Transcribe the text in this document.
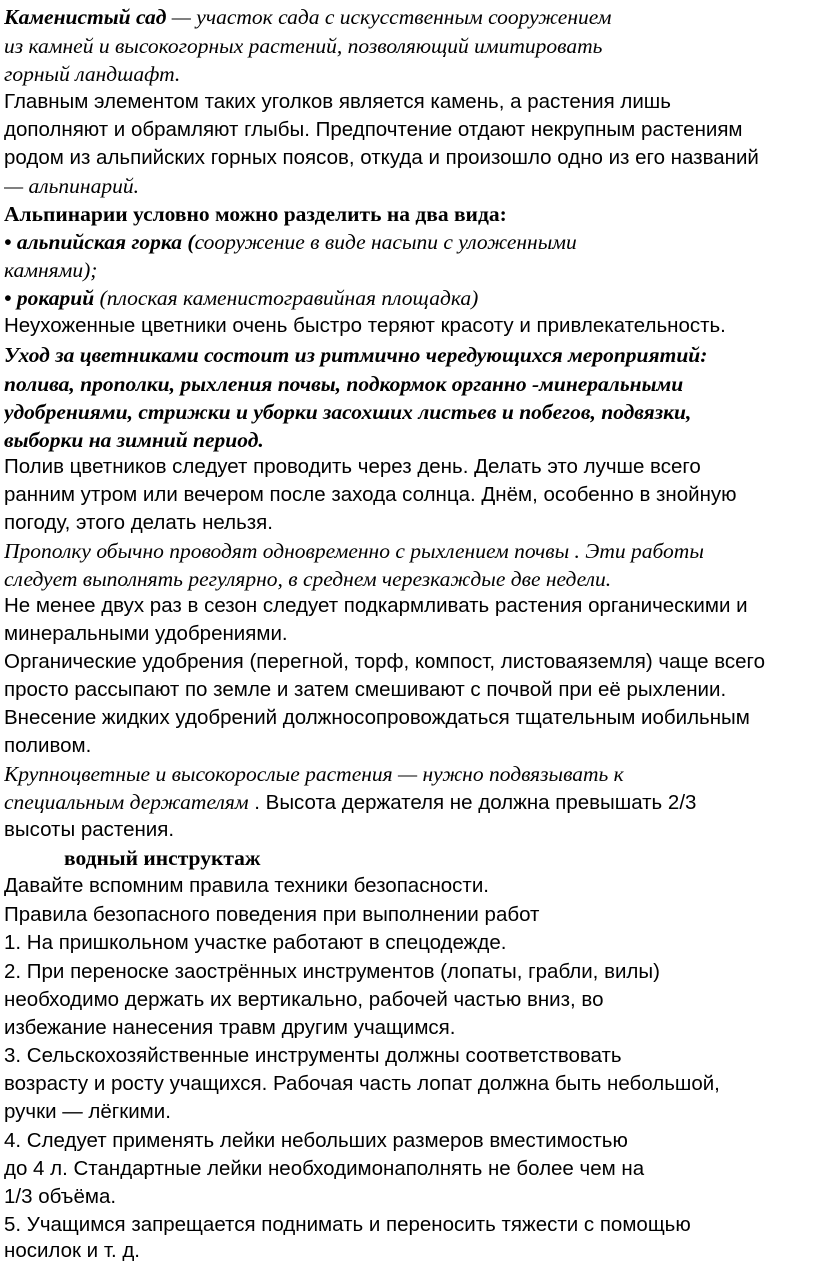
Каменистый сад — участок сада с искусственным сооружением
из камней и высокогорных растений, позволяющий имитировать
горный ландшафт.
Главным элементом таких уголков является камень, а растения лишь
дополняют и обрамляют глыбы. Предпочтение отдают некрупным растениям
родом из альпийских горных поясов, откуда и произошло одно из его названий
— альпинарий.
Альпинарии условно можно разделить на два вида:
• альпийская горка (сооружение в виде насыпи с уложенными
камнями);
• рокарий (плоская каменистогравийная площадка)
Неухоженные цветники очень быстро теряют красоту и привлекательность.
Уход за цветниками состоит из ритмично чередующихся мероприятий:
полива, прополки, рыхления почвы, подкормок органно -минеральными
удобрениями, стрижки и уборки засохших листьев и побегов, подвязки,
выборки на зимний период.
Полив цветников следует проводить через день. Делать это лучше всего
ранним утром или вечером после захода солнца. Днём, особенно в знойную
погоду, этого делать нельзя.
Прополку обычно проводят одновременно с рыхлением почвы . Эти работы
следует выполнять регулярно, в среднем черезкаждые две недели.
Не менее двух раз в сезон следует подкармливать растения органическими и
минеральными удобрениями.
Органические удобрения (перегной, торф, компост, листоваяземля) чаще всего
просто рассыпают по земле и затем смешивают с почвой при её рыхлении.
Внесение жидких удобрений должносопровождаться тщательным иобильным
поливом.
Крупноцветные и высокорослые растения — нужно подвязывать к
специальным держателям . Высота держателя не должна превышать 2/3
высоты растения.
водный инструктаж
Давайте вспомним правила техники безопасности.
Правила безопасного поведения при выполнении работ
1. На пришкольном участке работают в спецодежде.
2. При переноске заострённых инструментов (лопаты, грабли, вилы)
необходимо держать их вертикально, рабочей частью вниз, во
избежание нанесения травм другим учащимся.
3. Сельскохозяйственные инструменты должны соответствовать
возрасту и росту учащихся. Рабочая часть лопат должна быть небольшой,
ручки — лёгкими.
4. Следует применять лейки небольших размеров вместимостью
до 4 л. Стандартные лейки необходимонаполнять не более чем на
1/3 объёма.
5. Учащимся запрещается поднимать и переносить тяжести с помощью
носилок и т. д.
